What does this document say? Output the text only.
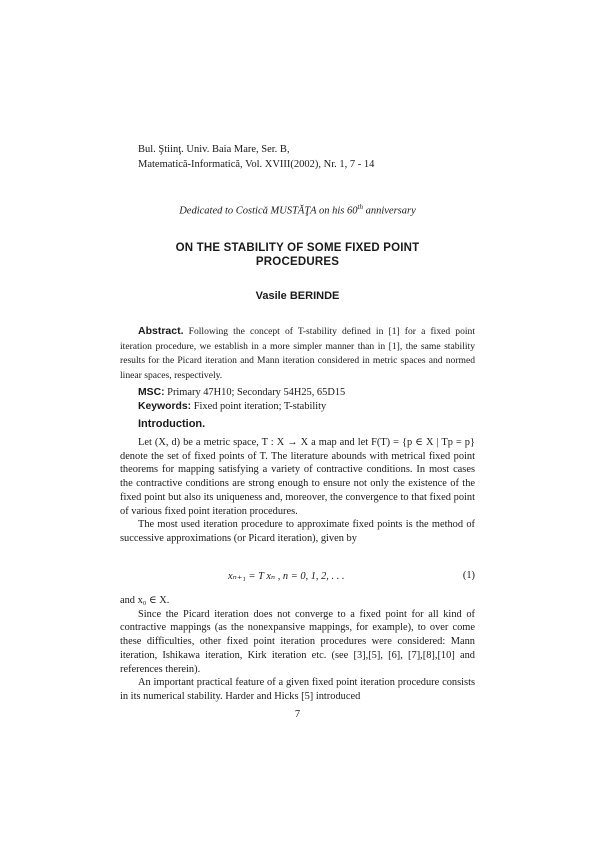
Bul. Ştiinţ. Univ. Baia Mare, Ser. B,
Matematică-Informatică, Vol. XVIII(2002), Nr. 1, 7 - 14
Dedicated to Costică MUSTĂŢA on his 60th anniversary
ON THE STABILITY OF SOME FIXED POINT
PROCEDURES
Vasile BERINDE
Abstract. Following the concept of T-stability defined in [1] for a fixed point iteration procedure, we establish in a more simpler manner than in [1], the same stability results for the Picard iteration and Mann iteration considered in metric spaces and normed linear spaces, respectively.
MSC: Primary 47H10; Secondary 54H25, 65D15
Keywords: Fixed point iteration; T-stability
Introduction.

Let (X, d) be a metric space, T : X → X a map and let F(T) = {p ∈ X | Tp = p} denote the set of fixed points of T. The literature abounds with metrical fixed point theorems for mapping satisfying a variety of contractive conditions. In most cases the contractive conditions are strong enough to ensure not only the existence of the fixed point but also its uniqueness and, moreover, the convergence to that fixed point of various fixed point iteration procedures.

The most used iteration procedure to approximate fixed points is the method of successive approximations (or Picard iteration), given by

xₙ₊₁ = T xₙ , n = 0, 1, 2, . . .	(1)

and x₀ ∈ X.

Since the Picard iteration does not converge to a fixed point for all kind of contractive mappings (as the nonexpansive mappings, for example), to over come these difficulties, other fixed point iteration procedures were considered: Mann iteration, Ishikawa iteration, Kirk iteration etc. (see [3],[5], [6], [7],[8],[10] and references therein).

An important practical feature of a given fixed point iteration procedure consists in its numerical stability. Harder and Hicks [5] introduced

7
